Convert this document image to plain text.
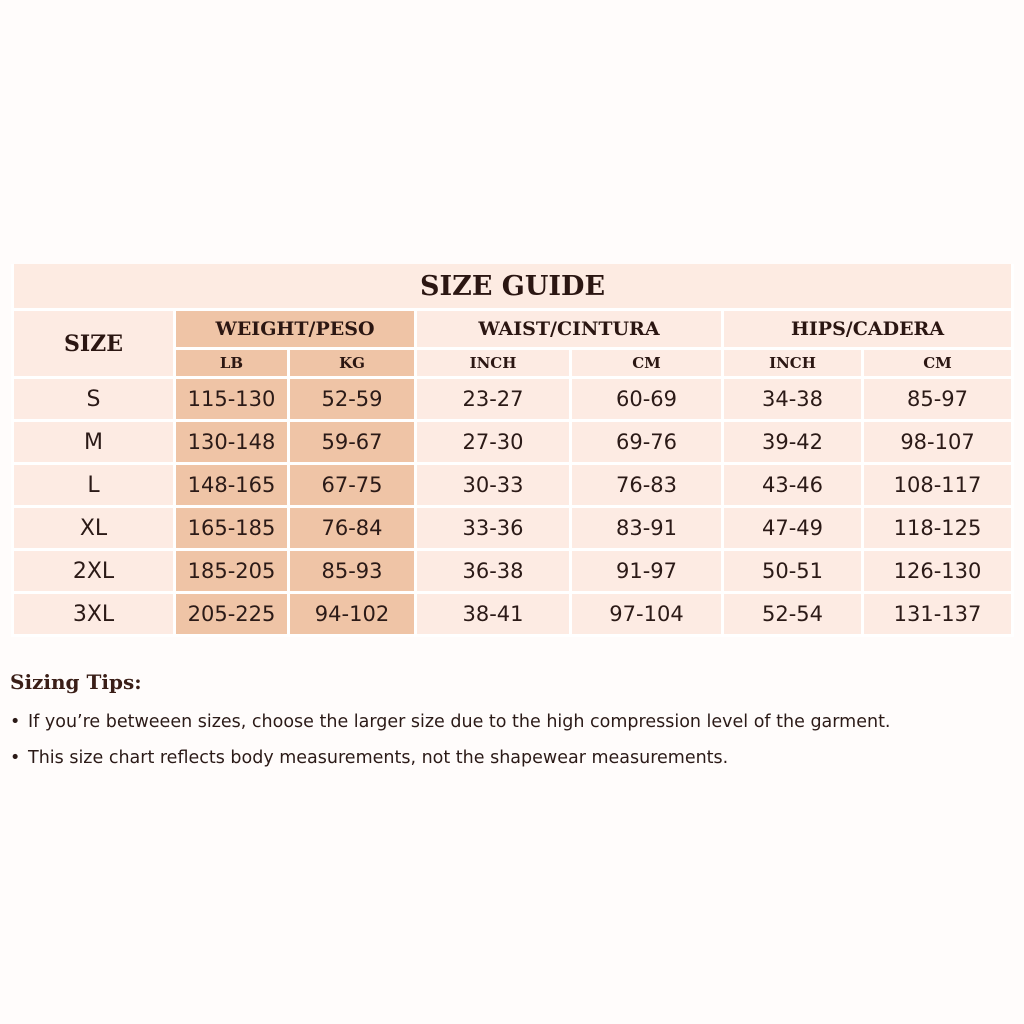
SIZE GUIDE						
SIZE	WEIGHT/PESO		WAIST/CINTURA		HIPS/CADERA	
	LB	KG	INCH	CM	INCH	CM
S	115-130	52-59	23-27	60-69	34-38	85-97
M	130-148	59-67	27-30	69-76	39-42	98-107
L	148-165	67-75	30-33	76-83	43-46	108-117
XL	165-185	76-84	33-36	83-91	47-49	118-125
2XL	185-205	85-93	36-38	91-97	50-51	126-130
3XL	205-225	94-102	38-41	97-104	52-54	131-137
Sizing Tips:
• If you’re betweeen sizes, choose the larger size due to the high compression level of the garment.
• This size chart reflects body measurements, not the shapewear measurements.
